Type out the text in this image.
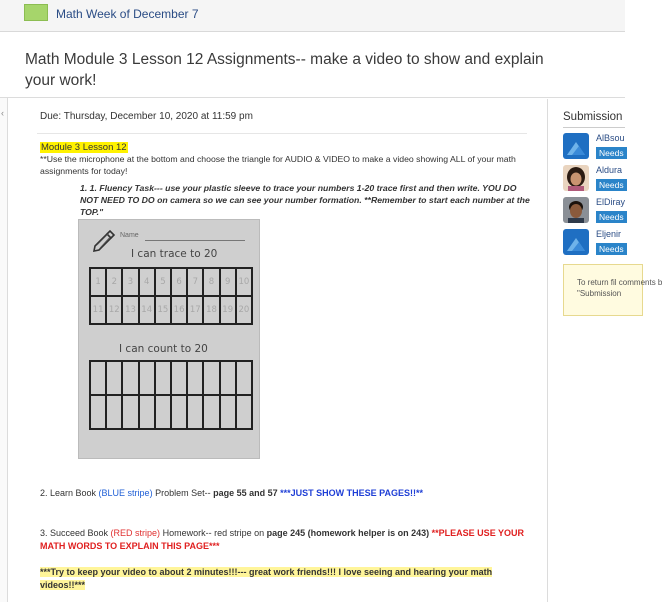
Math Week of December 7
Math Module 3 Lesson 12 Assignments-- make a video to show and explain your work!
‹	Due: Thursday, December 10, 2020 at 11:59 pm
Module 3 Lesson 12
**Use the microphone at the bottom and choose the triangle for AUDIO & VIDEO to make a video showing ALL of your math assignments for today!
1. 1. Fluency Task--- use your plastic sleeve to trace your numbers 1-20 trace first and then write. YOU DO NOT NEED TO DO on camera so we can see your number formation. **Remember to start each number at the TOP."
Name
I can trace to 20
1	2	3	4	5	6	7	8	9 10
11 12 13 14 15 16 17 18 19 20
I can count to 20
2. Learn Book (BLUE stripe) Problem Set-- page 55 and 57 ***JUST SHOW THESE PAGES!!**
3. Succeed Book (RED stripe) Homework-- red stripe on page 245 (homework helper is on 243) **PLEASE USE YOUR MATH WORDS TO EXPLAIN THIS PAGE***
***Try to keep your video to about 2 minutes!!!--- great work friends!!! I love seeing and hearing your math videos!!***
Submission
AlBsou
Needs
Aldura
Needs
ElDiray
Needs
Eljenir
Needs
To return fil comments b "Submission
